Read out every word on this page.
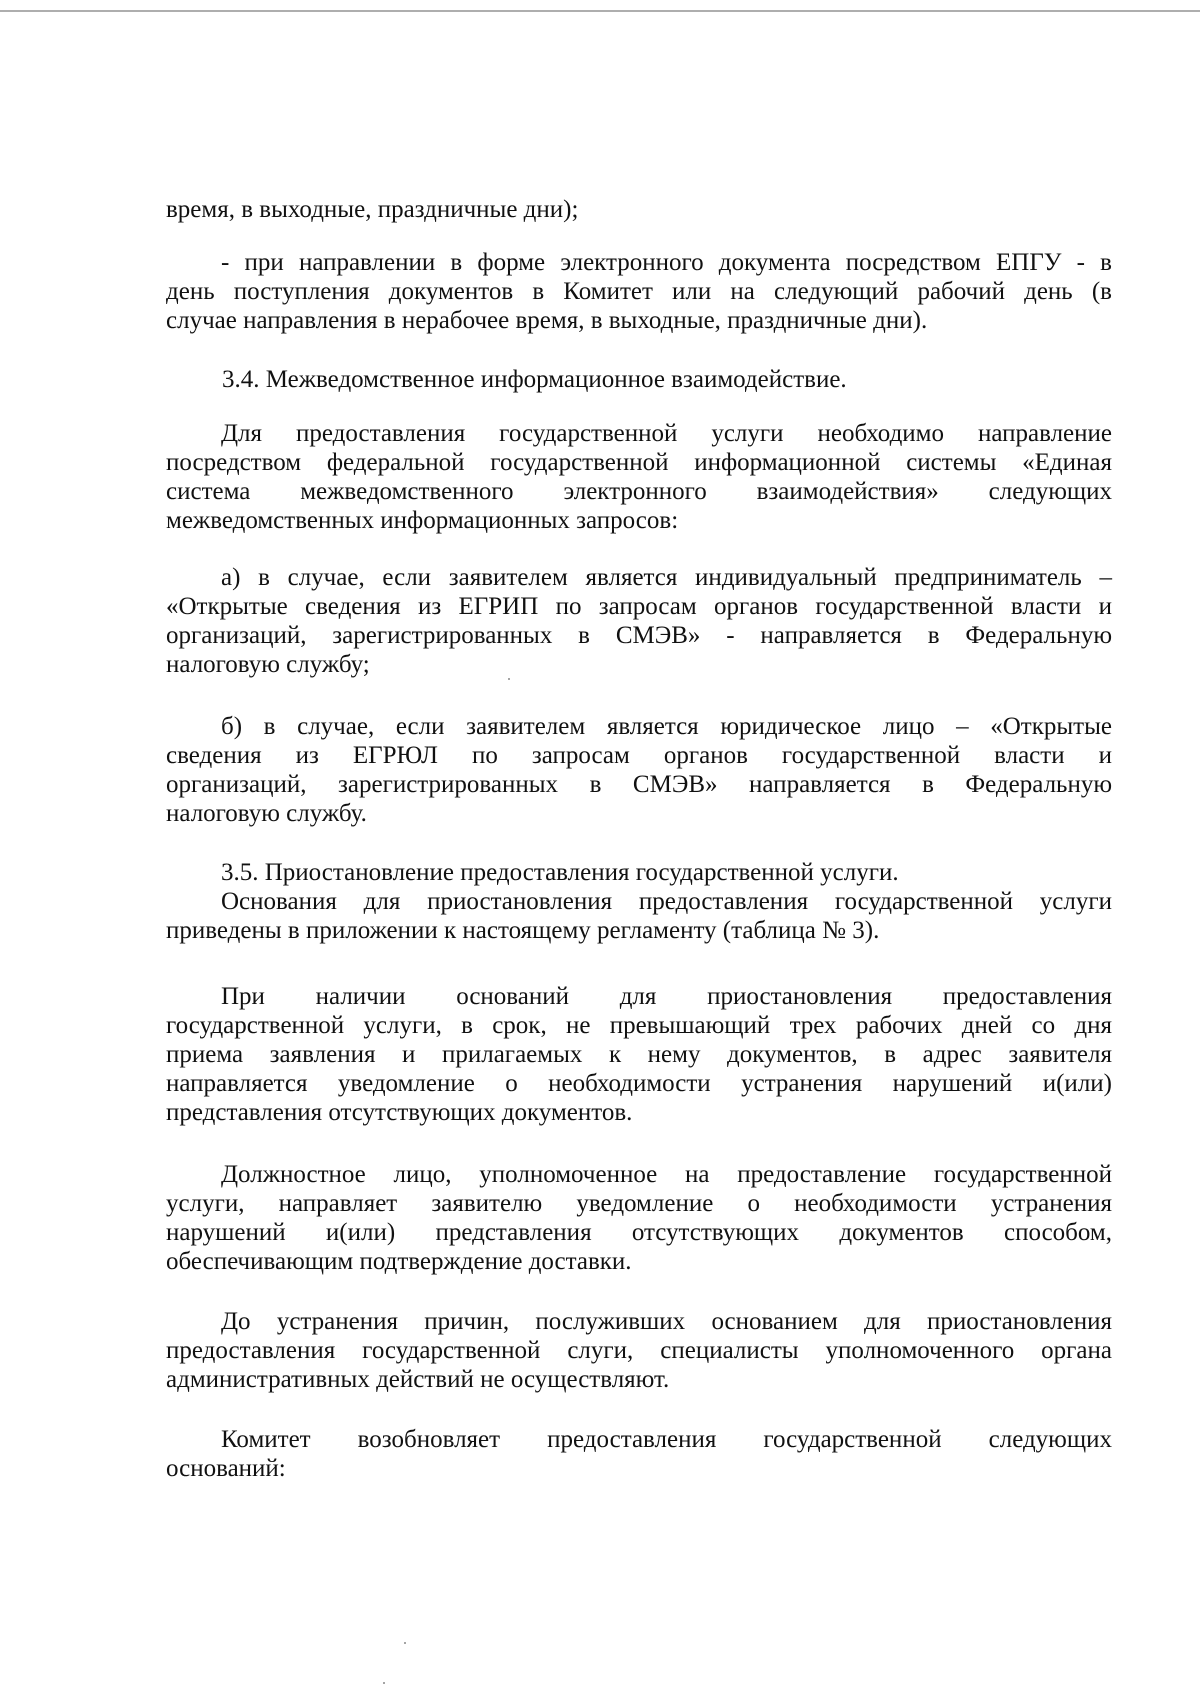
время, в выходные, праздничные дни);
- при направлении в форме электронного документа посредством ЕПГУ - в
день поступления документов в Комитет или на следующий рабочий день (в
случае направления в нерабочее время, в выходные, праздничные дни).
3.4. Межведомственное информационное взаимодействие.
Для предоставления государственной услуги необходимо направление
посредством федеральной государственной информационной системы «Единая
система межведомственного электронного взаимодействия» следующих
межведомственных информационных запросов:
а) в случае, если заявителем является индивидуальный предприниматель –
«Открытые сведения из ЕГРИП по запросам органов государственной власти и
организаций, зарегистрированных в СМЭВ» - направляется в Федеральную
налоговую службу;
б) в случае, если заявителем является юридическое лицо – «Открытые
сведения из ЕГРЮЛ по запросам органов государственной власти и
организаций, зарегистрированных в СМЭВ» направляется в Федеральную
налоговую службу.
3.5. Приостановление предоставления государственной услуги.
Основания для приостановления предоставления государственной услуги
приведены в приложении к настоящему регламенту (таблица № 3).
При наличии оснований для приостановления предоставления
государственной услуги, в срок, не превышающий трех рабочих дней со дня
приема заявления и прилагаемых к нему документов, в адрес заявителя
направляется уведомление о необходимости устранения нарушений и(или)
представления отсутствующих документов.
Должностное лицо, уполномоченное на предоставление государственной
услуги, направляет заявителю уведомление о необходимости устранения
нарушений и(или) представления отсутствующих документов способом,
обеспечивающим подтверждение доставки.
До устранения причин, послуживших основанием для приостановления
предоставления государственной слуги, специалисты уполномоченного органа
административных действий не осуществляют.
Комитет возобновляет предоставления государственной следующих
оснований:
